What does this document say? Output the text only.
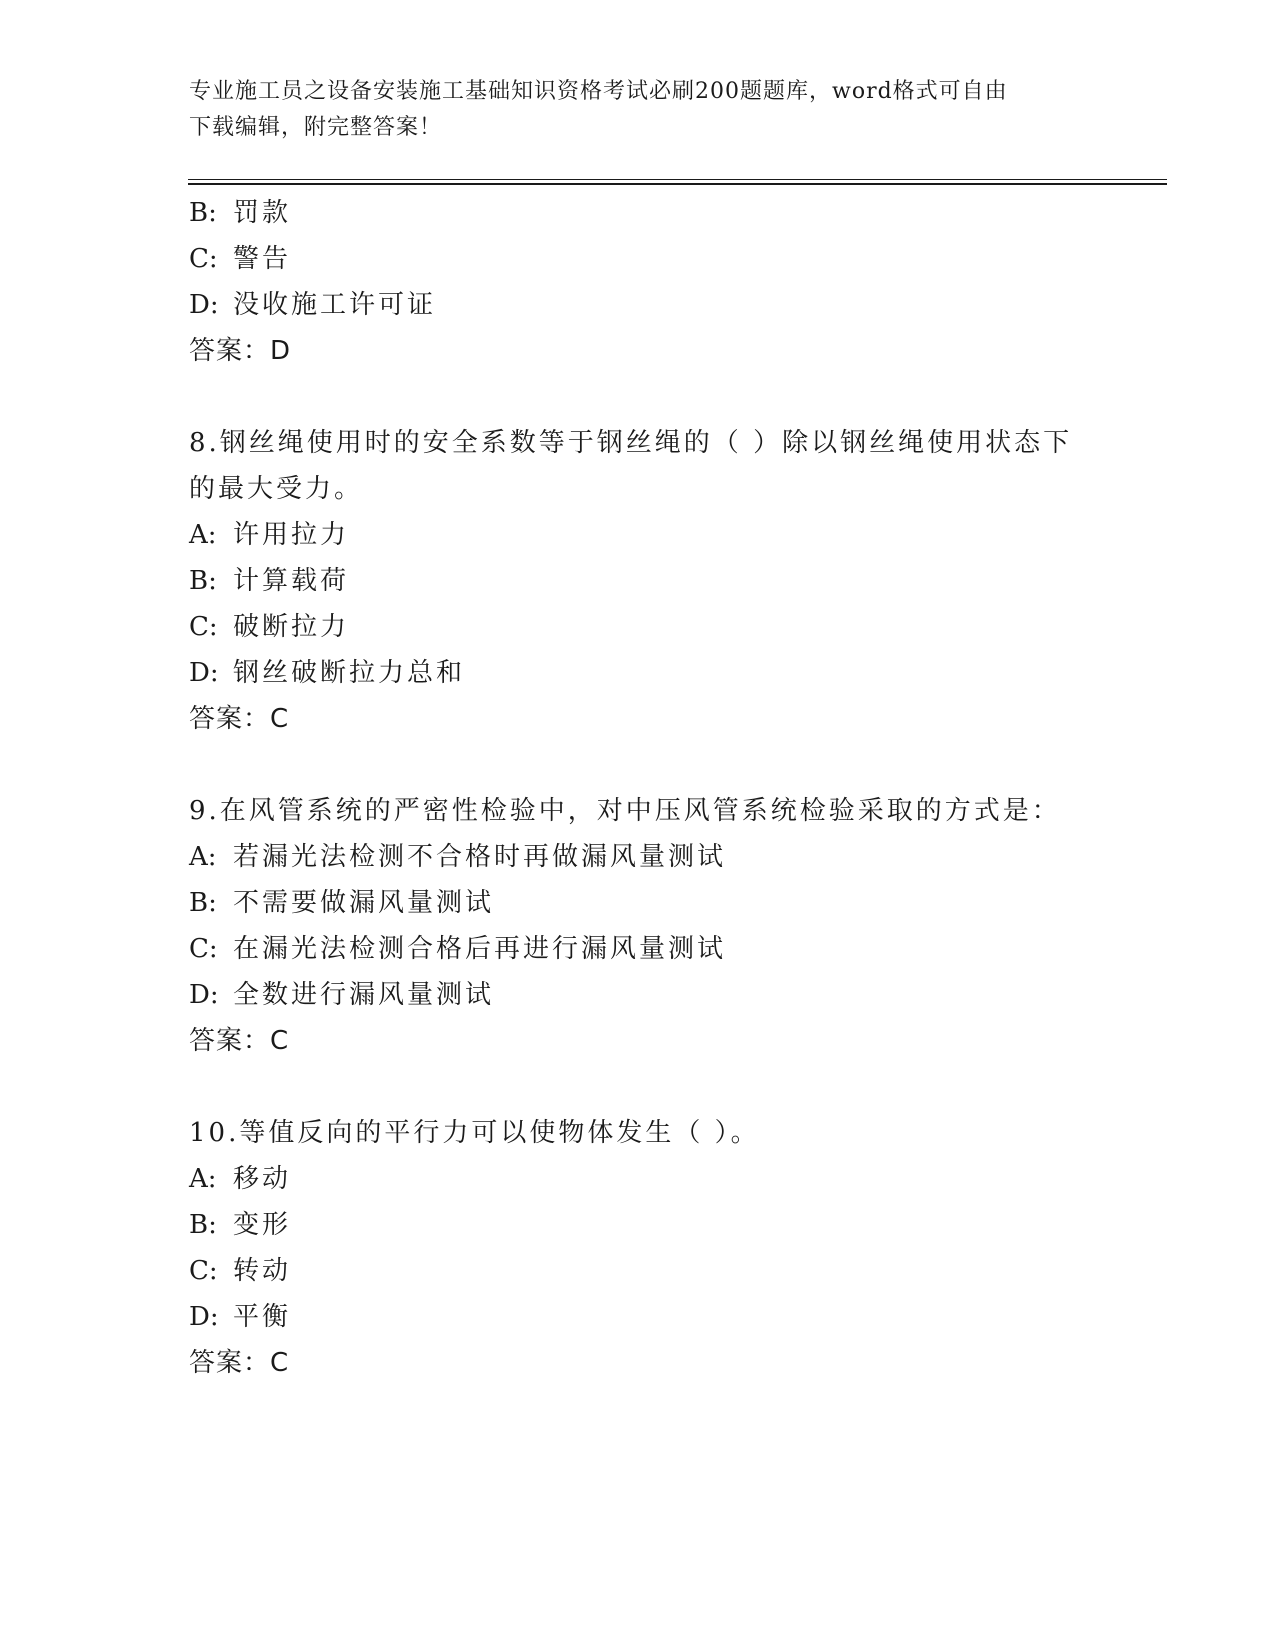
专业施工员之设备安装施工基础知识资格考试必刷200题题库，word格式可自由
下载编辑，附完整答案！
B: 罚款
C: 警告
D: 没收施工许可证
答案：D
8.钢丝绳使用时的安全系数等于钢丝绳的（ ）除以钢丝绳使用状态下
的最大受力。
A: 许用拉力
B: 计算载荷
C: 破断拉力
D: 钢丝破断拉力总和
答案：C
9.在风管系统的严密性检验中，对中压风管系统检验采取的方式是：
A: 若漏光法检测不合格时再做漏风量测试
B: 不需要做漏风量测试
C: 在漏光法检测合格后再进行漏风量测试
D: 全数进行漏风量测试
答案：C
10.等值反向的平行力可以使物体发生（ ）。
A: 移动
B: 变形
C: 转动
D: 平衡
答案：C
